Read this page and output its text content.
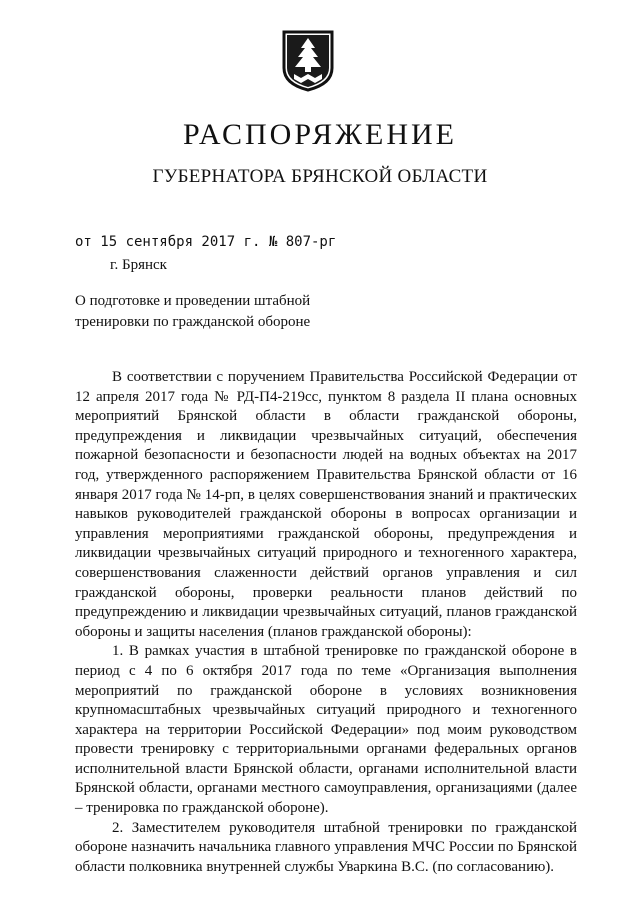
РАСПОРЯЖЕНИЕ
ГУБЕРНАТОРА БРЯНСКОЙ ОБЛАСТИ
от 15 сентября 2017 г. № 807-рг
г. Брянск
О подготовке и проведении штабной
тренировки по гражданской обороне

В соответствии с поручением Правительства Российской Федерации от 12 апреля 2017 года № РД-П4-219сс, пунктом 8 раздела II плана основных мероприятий Брянской области в области гражданской обороны, предупреждения и ликвидации чрезвычайных ситуаций, обеспечения пожарной безопасности и безопасности людей на водных объектах на 2017 год, утвержденного распоряжением Правительства Брянской области от 16 января 2017 года № 14-рп, в целях совершенствования знаний и практических навыков руководителей гражданской обороны в вопросах организации и управления мероприятиями гражданской обороны, предупреждения и ликвидации чрезвычайных ситуаций природного и техногенного характера, совершенствования слаженности действий органов управления и сил гражданской обороны, проверки реальности планов действий по предупреждению и ликвидации чрезвычайных ситуаций, планов гражданской обороны и защиты населения (планов гражданской обороны):

1. В рамках участия в штабной тренировке по гражданской обороне в период с 4 по 6 октября 2017 года по теме «Организация выполнения мероприятий по гражданской обороне в условиях возникновения крупномасштабных чрезвычайных ситуаций природного и техногенного характера на территории Российской Федерации» под моим руководством провести тренировку с территориальными органами федеральных органов исполнительной власти Брянской области, органами исполнительной власти Брянской области, органами местного самоуправления, организациями (далее – тренировка по гражданской обороне).

2. Заместителем руководителя штабной тренировки по гражданской обороне назначить начальника главного управления МЧС России по Брянской области полковника внутренней службы Уваркина В.С. (по согласованию).
